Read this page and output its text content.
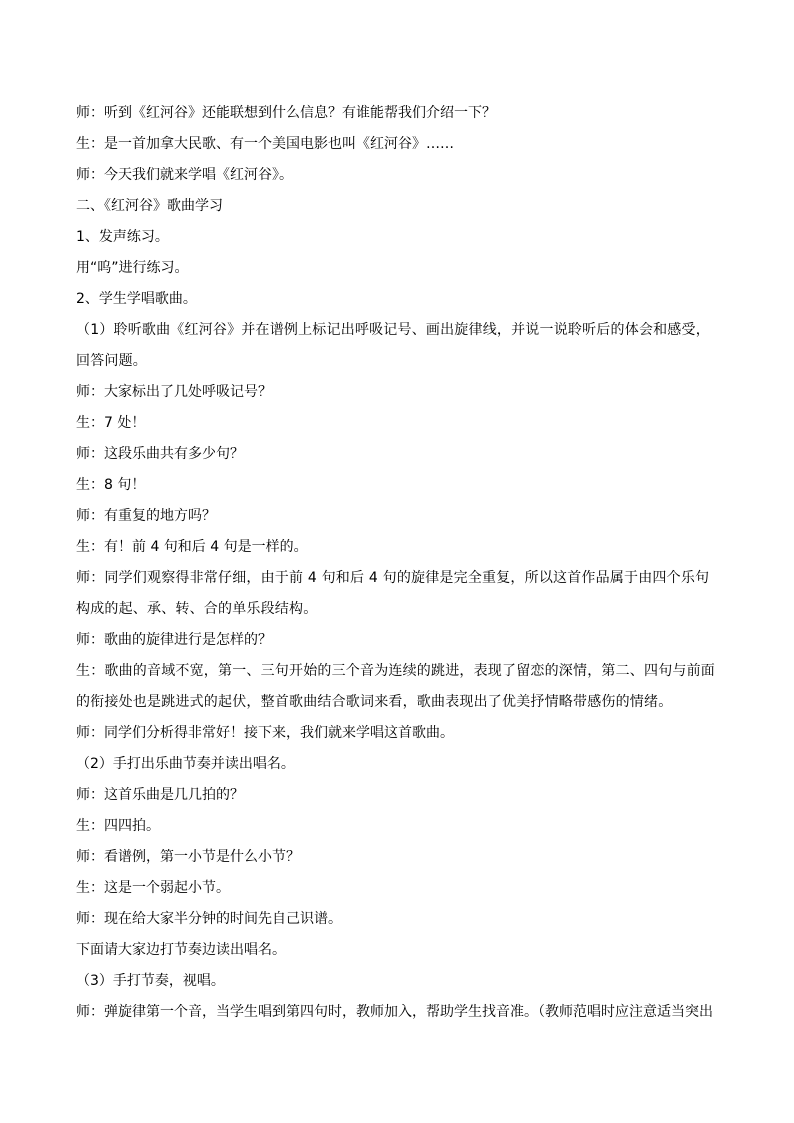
师：听到《红河谷》还能联想到什么信息？有谁能帮我们介绍一下？

生：是一首加拿大民歌、有一个美国电影也叫《红河谷》……

师：今天我们就来学唱《红河谷》。

二、《红河谷》歌曲学习

1、发声练习。

用“呜”进行练习。

2、学生学唱歌曲。

（1）聆听歌曲《红河谷》并在谱例上标记出呼吸记号、画出旋律线，并说一说聆听后的体会和感受，回答问题。

师：大家标出了几处呼吸记号？

生：7 处！

师：这段乐曲共有多少句？

生：8 句！

师：有重复的地方吗？

生：有！前 4 句和后 4 句是一样的。

师：同学们观察得非常仔细，由于前 4 句和后 4 句的旋律是完全重复，所以这首作品属于由四个乐句构成的起、承、转、合的单乐段结构。

师：歌曲的旋律进行是怎样的？

生：歌曲的音域不宽，第一、三句开始的三个音为连续的跳进，表现了留恋的深情，第二、四句与前面的衔接处也是跳进式的起伏，整首歌曲结合歌词来看，歌曲表现出了优美抒情略带感伤的情绪。

师：同学们分析得非常好！接下来，我们就来学唱这首歌曲。

（2）手打出乐曲节奏并读出唱名。

师：这首乐曲是几几拍的？

生：四四拍。

师：看谱例，第一小节是什么小节？

生：这是一个弱起小节。

师：现在给大家半分钟的时间先自己识谱。

下面请大家边打节奏边读出唱名。

（3）手打节奏，视唱。

师：弹旋律第一个音，当学生唱到第四句时，教师加入，帮助学生找音准。（教师范唱时应注意适当突出
